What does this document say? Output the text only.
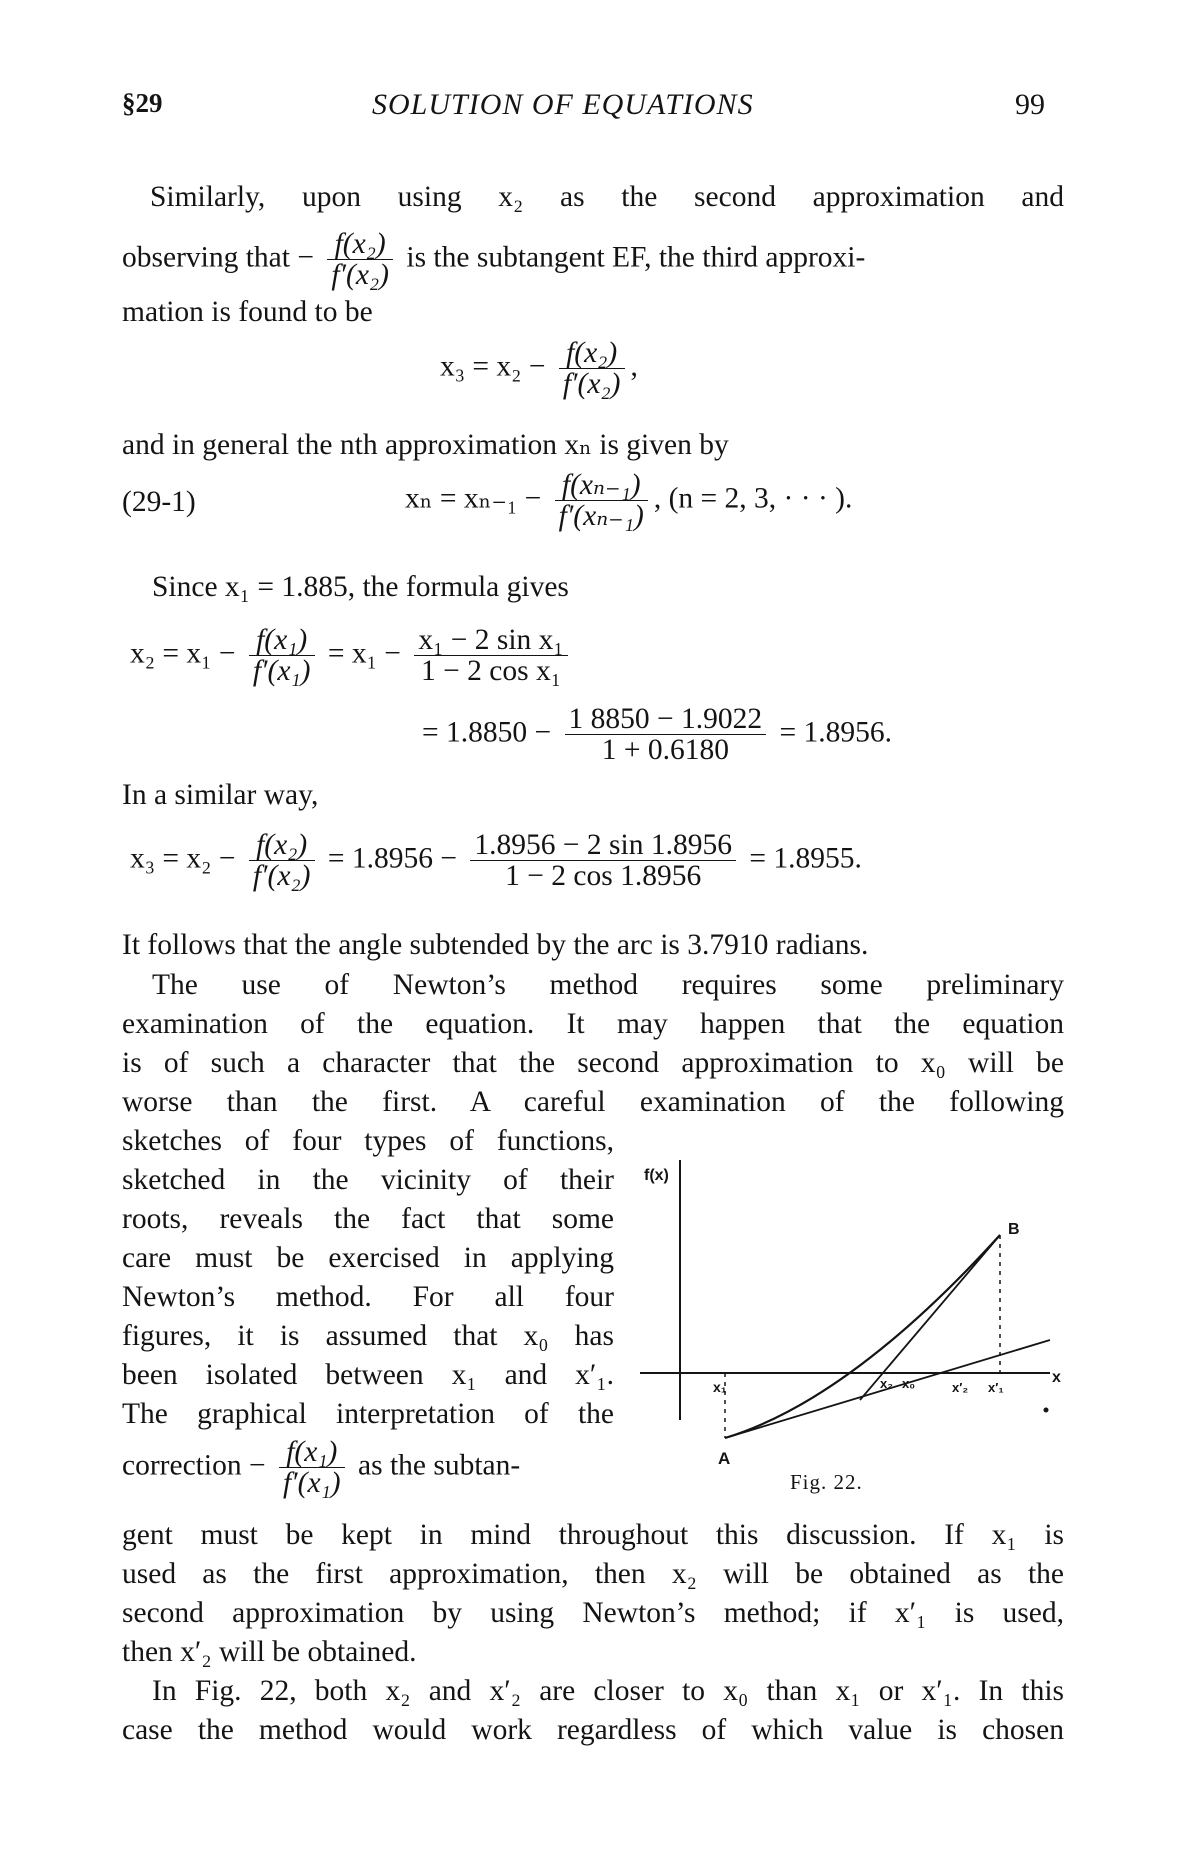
§29	SOLUTION OF EQUATIONS	99
Similarly, upon using x₂ as the second approximation and
observing that − $\frac{\text{f(x₂)}}{\text{f′(x₂)}}$ is the subtangent EF, the third approxi-
mation is found to be
$x_3 = x_2 - \frac{\text{f(x₂)}}{\text{f′(x₂)}}$ ,
and in general the nth approximation xₙ is given by
(29-1)	$x_n = x_{n-1} - \frac{\text{f(xₙ₋₁)}}{\text{f′(xₙ₋₁)}}$ , (n = 2, 3, · · · ).
Since x₁ = 1.885, the formula gives
$x_2 = x_1 - \frac{\text{f(x₁)}}{\text{f′(x₁)}} = x_1 - \frac{\text{x₁ − 2 sin x₁}}{\text{1 − 2 cos x₁}}$
= $1.8850 - \frac{1 8850 - 1.9022}{1 + 0.6180} = 1.8956$.
In a similar way,
$x_3 = x_2 - \frac{\text{f(x₂)}}{\text{f′(x₂)}} = 1.8956 - \frac{1.8956 - 2 \sin 1.8956}{1 - 2 \cos 1.8956} = 1.8955$.
It follows that the angle subtended by the arc is 3.7910 radians.
The use of Newton’s method requires some preliminary
examination of the equation. It may happen that the equation
is of such a character that the second approximation to x₀ will be
worse than the first. A careful examination of the following
sketches of four types of functions,
sketched in the vicinity of their
roots, reveals the fact that some
care must be exercised in applying
Newton’s method. For all four
figures, it is assumed that x₀ has
been isolated between x₁ and x′₁.
The graphical interpretation of the
correction − $\frac{\text{f(x₁)}}{\text{f′(x₁)}}$ as the subtan-
f(x)
x
A
B
x₁	x₂ x₀	x′₂ x′₁
Fig. 22.
gent must be kept in mind throughout this discussion. If x₁ is
used as the first approximation, then x₂ will be obtained as the
second approximation by using Newton’s method; if x′₁ is used,
then x′₂ will be obtained.
In Fig. 22, both x₂ and x′₂ are closer to x₀ than x₁ or x′₁. In this
case the method would work regardless of which value is chosen
